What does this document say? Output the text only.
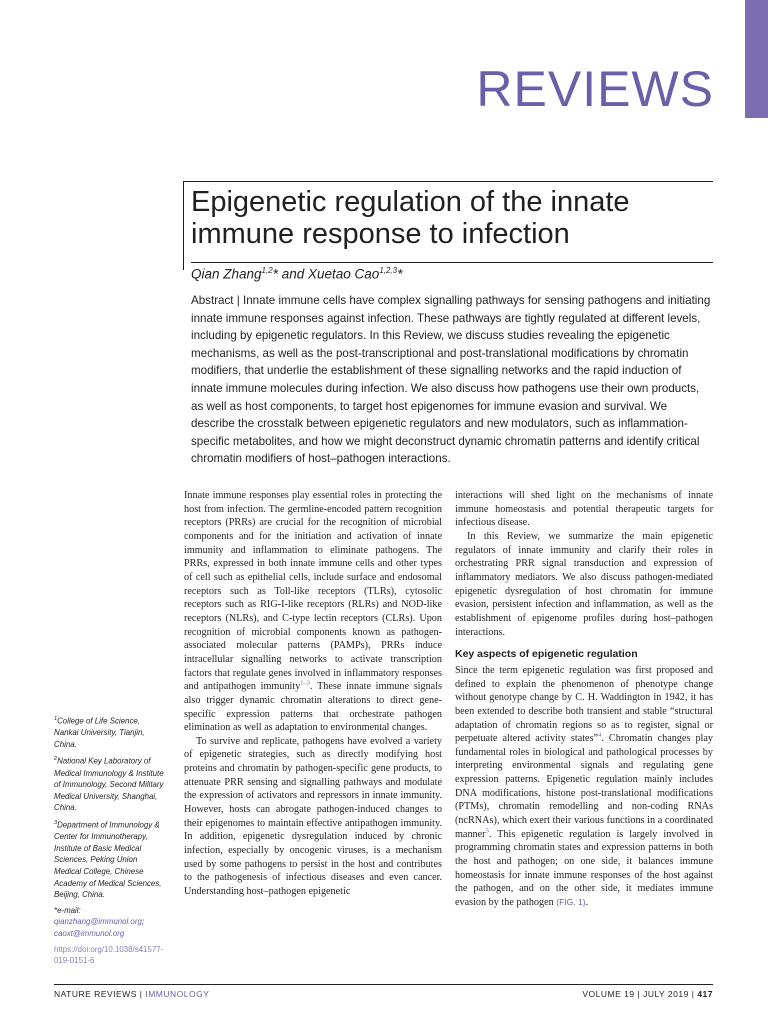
REVIEWS
Epigenetic regulation of the innate immune response to infection
Qian Zhang$^{1,2}$* and Xuetao Cao$^{1,2,3}$*

Abstract | Innate immune cells have complex signalling pathways for sensing pathogens and initiating innate immune responses against infection. These pathways are tightly regulated at different levels, including by epigenetic regulators. In this Review, we discuss studies revealing the epigenetic mechanisms, as well as the post-transcriptional and post-translational modifications by chromatin modifiers, that underlie the establishment of these signalling networks and the rapid induction of innate immune molecules during infection. We also discuss how pathogens use their own products, as well as host components, to target host epigenomes for immune evasion and survival. We describe the crosstalk between epigenetic regulators and new modulators, such as inflammation-specific metabolites, and how we might deconstruct dynamic chromatin patterns and identify critical chromatin modifiers of host–pathogen interactions.

Innate immune responses play essential roles in protecting the host from infection. The germline-encoded pattern recognition receptors (PRRs) are crucial for the recognition of microbial components and for the initiation and activation of innate immunity and inflammation to eliminate pathogens. The PRRs, expressed in both innate immune cells and other types of cell such as epithelial cells, include surface and endosomal receptors such as Toll-like receptors (TLRs), cytosolic receptors such as RIG-I-like receptors (RLRs) and NOD-like receptors (NLRs), and C-type lectin receptors (CLRs). Upon recognition of microbial components known as pathogen-associated molecular patterns (PAMPs), PRRs induce intracellular signalling networks to activate transcription factors that regulate genes involved in inflammatory responses and antipathogen immunity$^{1-3}$. These innate immune signals also trigger dynamic chromatin alterations to direct gene-specific expression patterns that orchestrate pathogen elimination as well as adaptation to environmental changes.

To survive and replicate, pathogens have evolved a variety of epigenetic strategies, such as directly modifying host proteins and chromatin by pathogen-specific gene products, to attenuate PRR sensing and signalling pathways and modulate the expression of activators and repressors in innate immunity. However, hosts can abrogate pathogen-induced changes to their epigenomes to maintain effective antipathogen immunity. In addition, epigenetic dysregulation induced by chronic infection, especially by oncogenic viruses, is a mechanism used by some pathogens to persist in the host and contributes to the pathogenesis of infectious diseases and even cancer. Understanding host–pathogen epigenetic

interactions will shed light on the mechanisms of innate immune homeostasis and potential therapeutic targets for infectious disease.

In this Review, we summarize the main epigenetic regulators of innate immunity and clarify their roles in orchestrating PRR signal transduction and expression of inflammatory mediators. We also discuss pathogen-mediated epigenetic dysregulation of host chromatin for immune evasion, persistent infection and inflammation, as well as the establishment of epigenome profiles during host–pathogen interactions.

Key aspects of epigenetic regulation

Since the term epigenetic regulation was first proposed and defined to explain the phenomenon of phenotype change without genotype change by C. H. Waddington in 1942, it has been extended to describe both transient and stable “structural adaptation of chromatin regions so as to register, signal or perpetuate altered activity states”$^4$. Chromatin changes play fundamental roles in biological and pathological processes by interpreting environmental signals and regulating gene expression patterns. Epigenetic regulation mainly includes DNA modifications, histone post-translational modifications (PTMs), chromatin remodelling and non-coding RNAs (ncRNAs), which exert their various functions in a coordinated manner$^5$. This epigenetic regulation is largely involved in programming chromatin states and expression patterns in both the host and pathogen; on one side, it balances immune homeostasis for innate immune responses of the host against the pathogen, and on the other side, it mediates immune evasion by the pathogen (FIG. 1).

$^1$College of Life Science, Nankai University, Tianjin, China.

$^2$National Key Laboratory of Medical Immunology & Institute of Immunology, Second Military Medical University, Shanghai, China.

$^3$Department of Immunology & Center for Immunotherapy, Institute of Basic Medical Sciences, Peking Union Medical College, Chinese Academy of Medical Sciences, Beijing, China.

*e-mail: qianzhang@immunol.org; caoxt@immunol.org

https://doi.org/10.1038/s41577-019-0151-6

NATURE REVIEWS | IMMUNOLOGY	VOLUME 19 | JULY 2019 | 417
